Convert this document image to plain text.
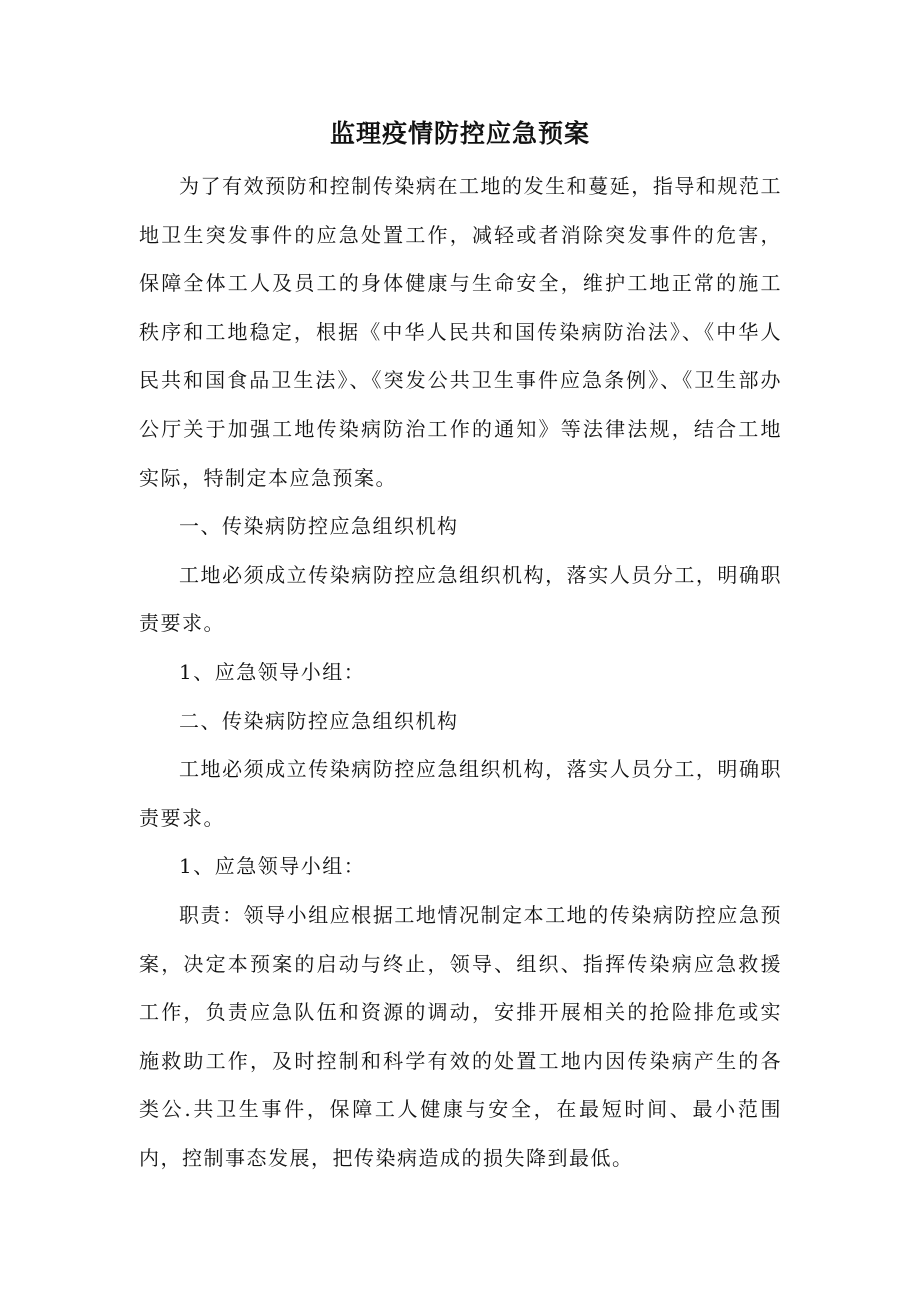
监理疫情防控应急预案

为了有效预防和控制传染病在工地的发生和蔓延，指导和规范工地卫生突发事件的应急处置工作，减轻或者消除突发事件的危害，保障全体工人及员工的身体健康与生命安全，维护工地正常的施工秩序和工地稳定，根据《中华人民共和国传染病防治法》、《中华人民共和国食品卫生法》、《突发公共卫生事件应急条例》、《卫生部办公厅关于加强工地传染病防治工作的通知》等法律法规，结合工地实际，特制定本应急预案。

一、传染病防控应急组织机构

工地必须成立传染病防控应急组织机构，落实人员分工，明确职责要求。

1、应急领导小组：

二、传染病防控应急组织机构

工地必须成立传染病防控应急组织机构，落实人员分工，明确职责要求。

1、应急领导小组：

职责：领导小组应根据工地情况制定本工地的传染病防控应急预案，决定本预案的启动与终止，领导、组织、指挥传染病应急救援工作，负责应急队伍和资源的调动，安排开展相关的抢险排危或实施救助工作，及时控制和科学有效的处置工地内因传染病产生的各类公.共卫生事件，保障工人健康与安全，在最短时间、最小范围内，控制事态发展，把传染病造成的损失降到最低。
